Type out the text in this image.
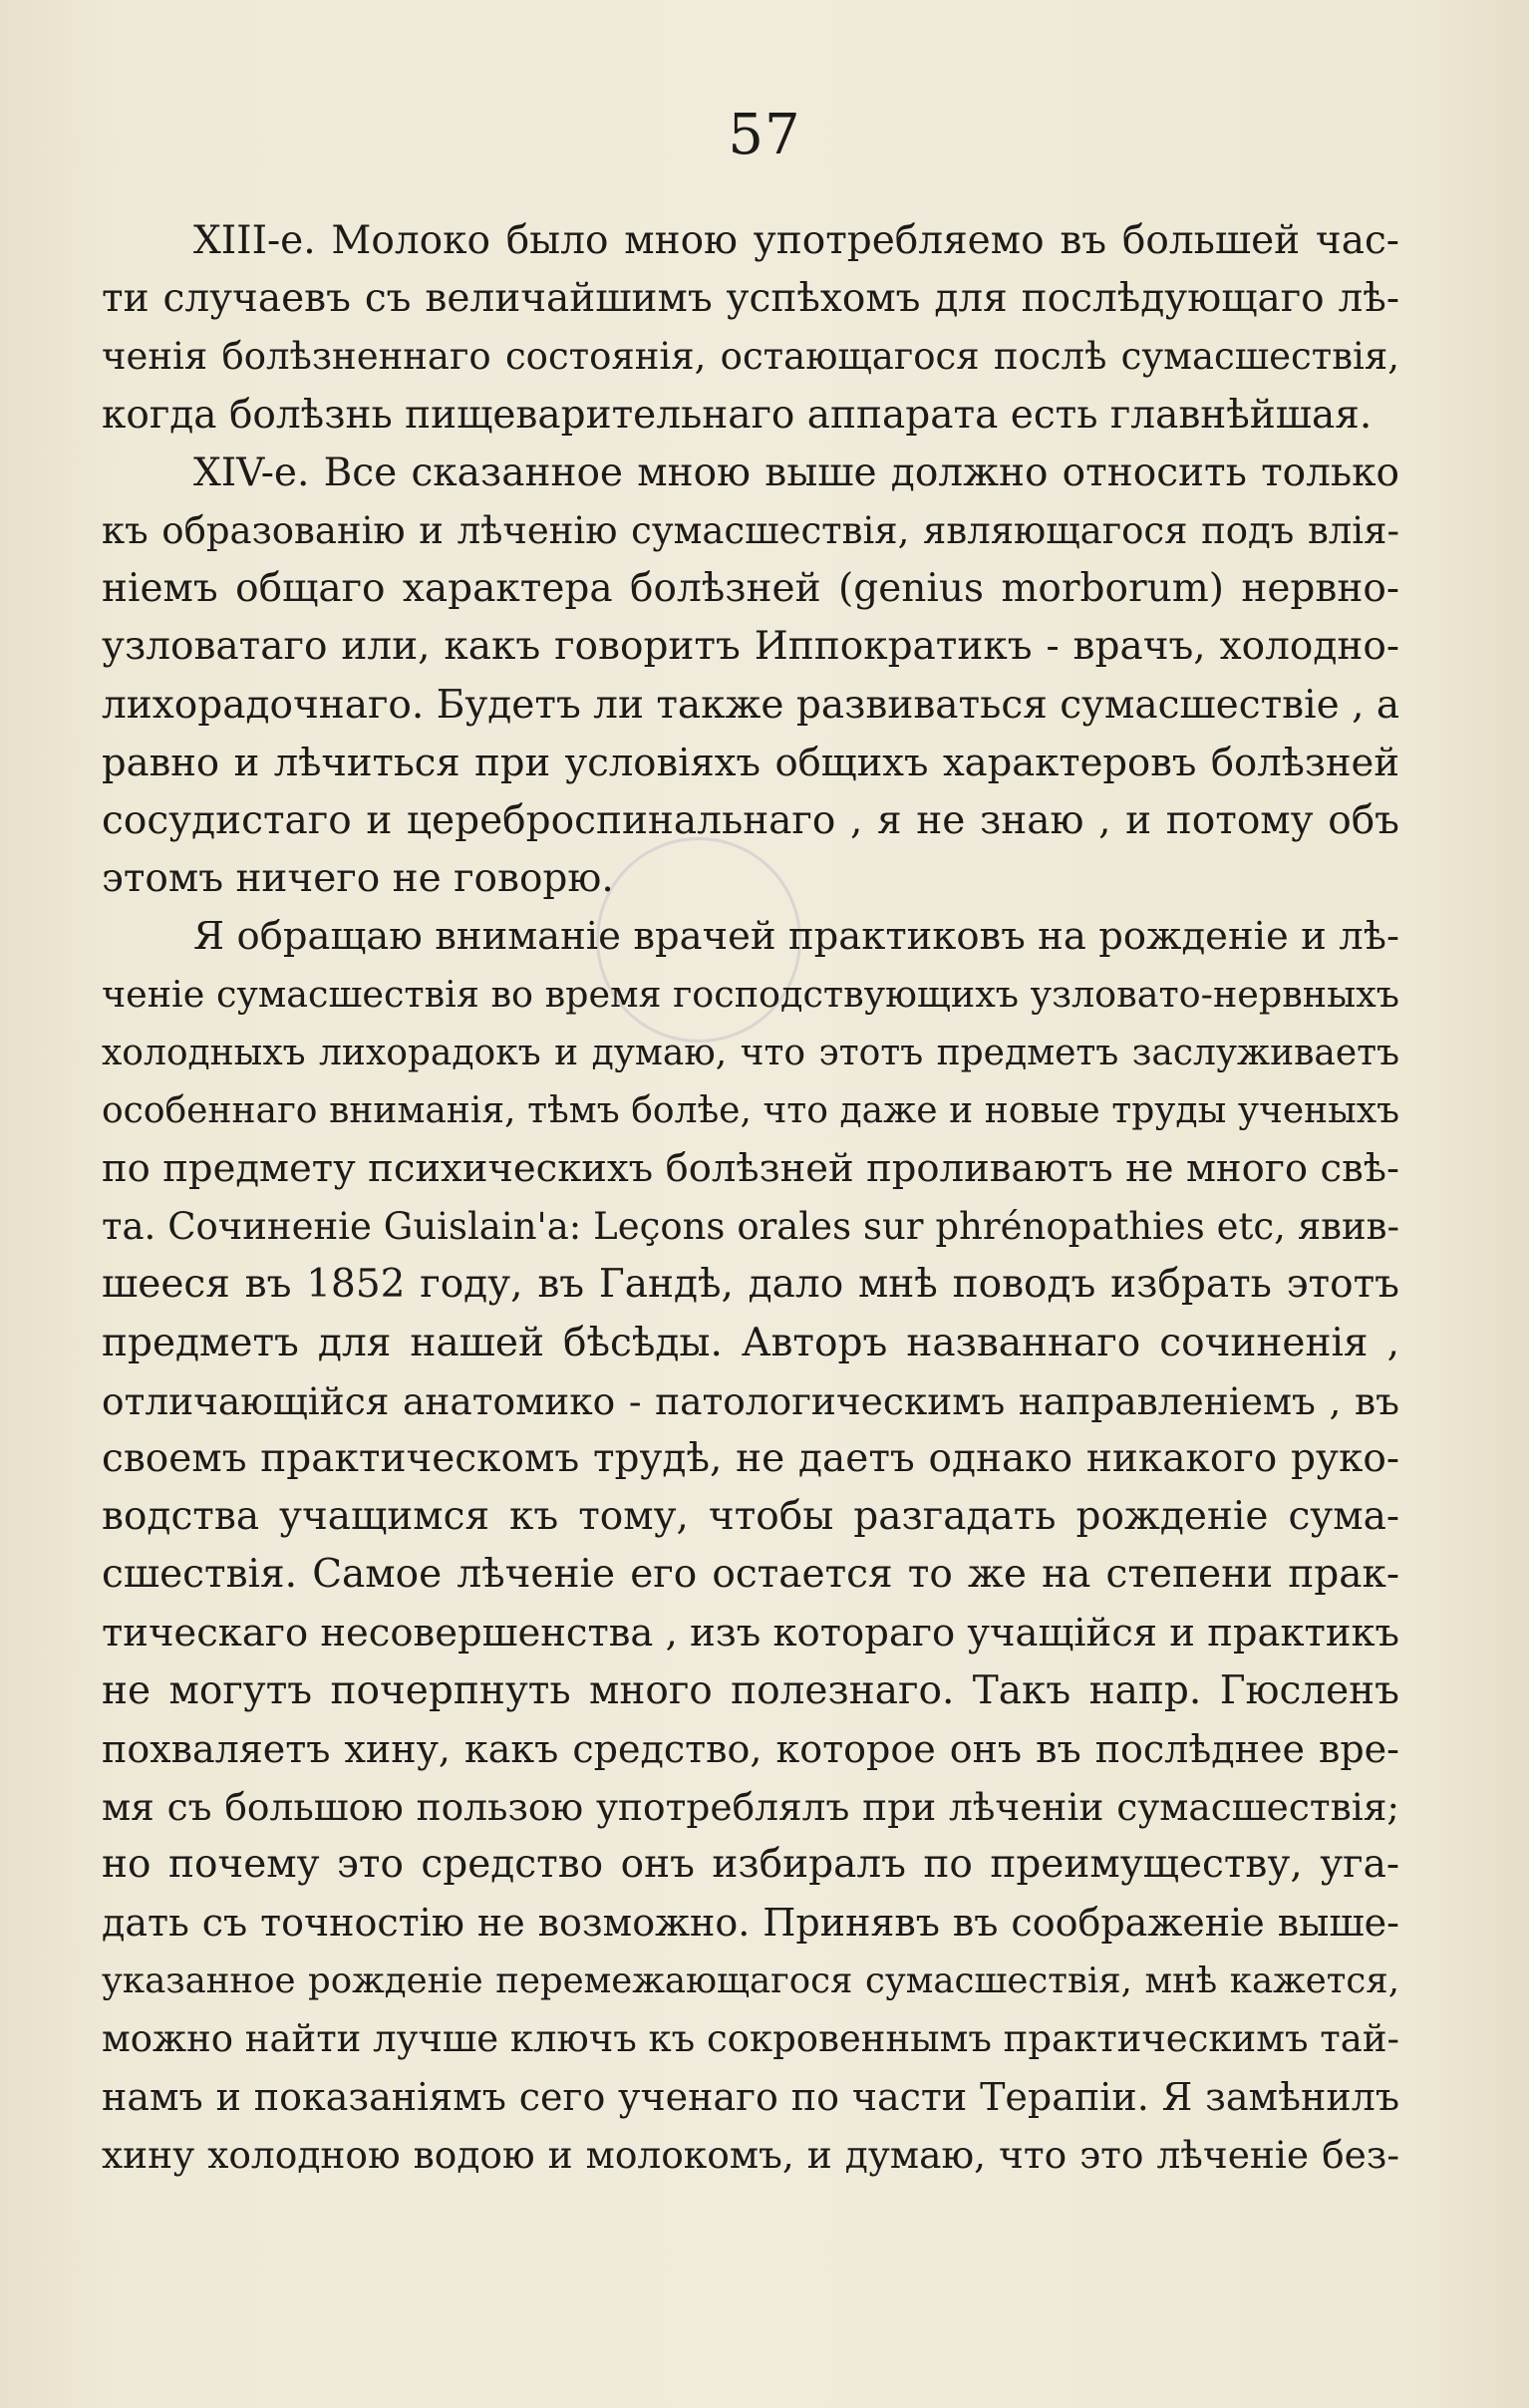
57
XIII-е. Молоко было мною употребляемо въ большей час-
ти случаевъ съ величайшимъ успѣхомъ для послѣдующаго лѣ-
ченія болѣзненнаго состоянія, остающагося послѣ сумасшествія,
когда болѣзнь пищеварительнаго аппарата есть главнѣйшая.
XIV-е. Все сказанное мною выше должно относить только
къ образованію и лѣченію сумасшествія, являющагося подъ влія-
ніемъ общаго характера болѣзней (genius morborum) нервно-
узловатаго или, какъ говоритъ Иппократикъ - врачъ, холодно-
лихорадочнаго. Будетъ ли также развиваться сумасшествіе , а
равно и лѣчиться при условіяхъ общихъ характеровъ болѣзней
сосудистаго и цереброспинальнаго , я не знаю , и потому объ
этомъ ничего не говорю.
Я обращаю вниманіе врачей практиковъ на рожденіе и лѣ-
ченіе сумасшествія во время господствующихъ узловато-нервныхъ
холодныхъ лихорадокъ и думаю, что этотъ предметъ заслуживаетъ
особеннаго вниманія, тѣмъ болѣе, что даже и новые труды ученыхъ
по предмету психическихъ болѣзней проливаютъ не много свѣ-
та. Сочиненіе Guislain'а: Leçons orales sur phrénopathies etc, явив-
шееся въ 1852 году, въ Гандѣ, дало мнѣ поводъ избрать этотъ
предметъ для нашей бѣсѣды. Авторъ названнаго сочиненія ,
отличающійся анатомико - патологическимъ направленіемъ , въ
своемъ практическомъ трудѣ, не даетъ однако никакого руко-
водства учащимся къ тому, чтобы разгадать рожденіе сума-
сшествія. Самое лѣченіе его остается то же на степени прак-
тическаго несовершенства , изъ котораго учащійся и практикъ
не могутъ почерпнуть много полезнаго. Такъ напр. Гюсленъ
похваляетъ хину, какъ средство, которое онъ въ послѣднее вре-
мя съ большою пользою употреблялъ при лѣченіи сумасшествія;
но почему это средство онъ избиралъ по преимуществу, уга-
дать съ точностію не возможно. Принявъ въ соображеніе выше-
указанное рожденіе перемежающагося сумасшествія, мнѣ кажется,
можно найти лучше ключъ къ сокровеннымъ практическимъ тай-
намъ и показаніямъ сего ученаго по части Терапіи. Я замѣнилъ
хину холодною водою и молокомъ, и думаю, что это лѣченіе без-
